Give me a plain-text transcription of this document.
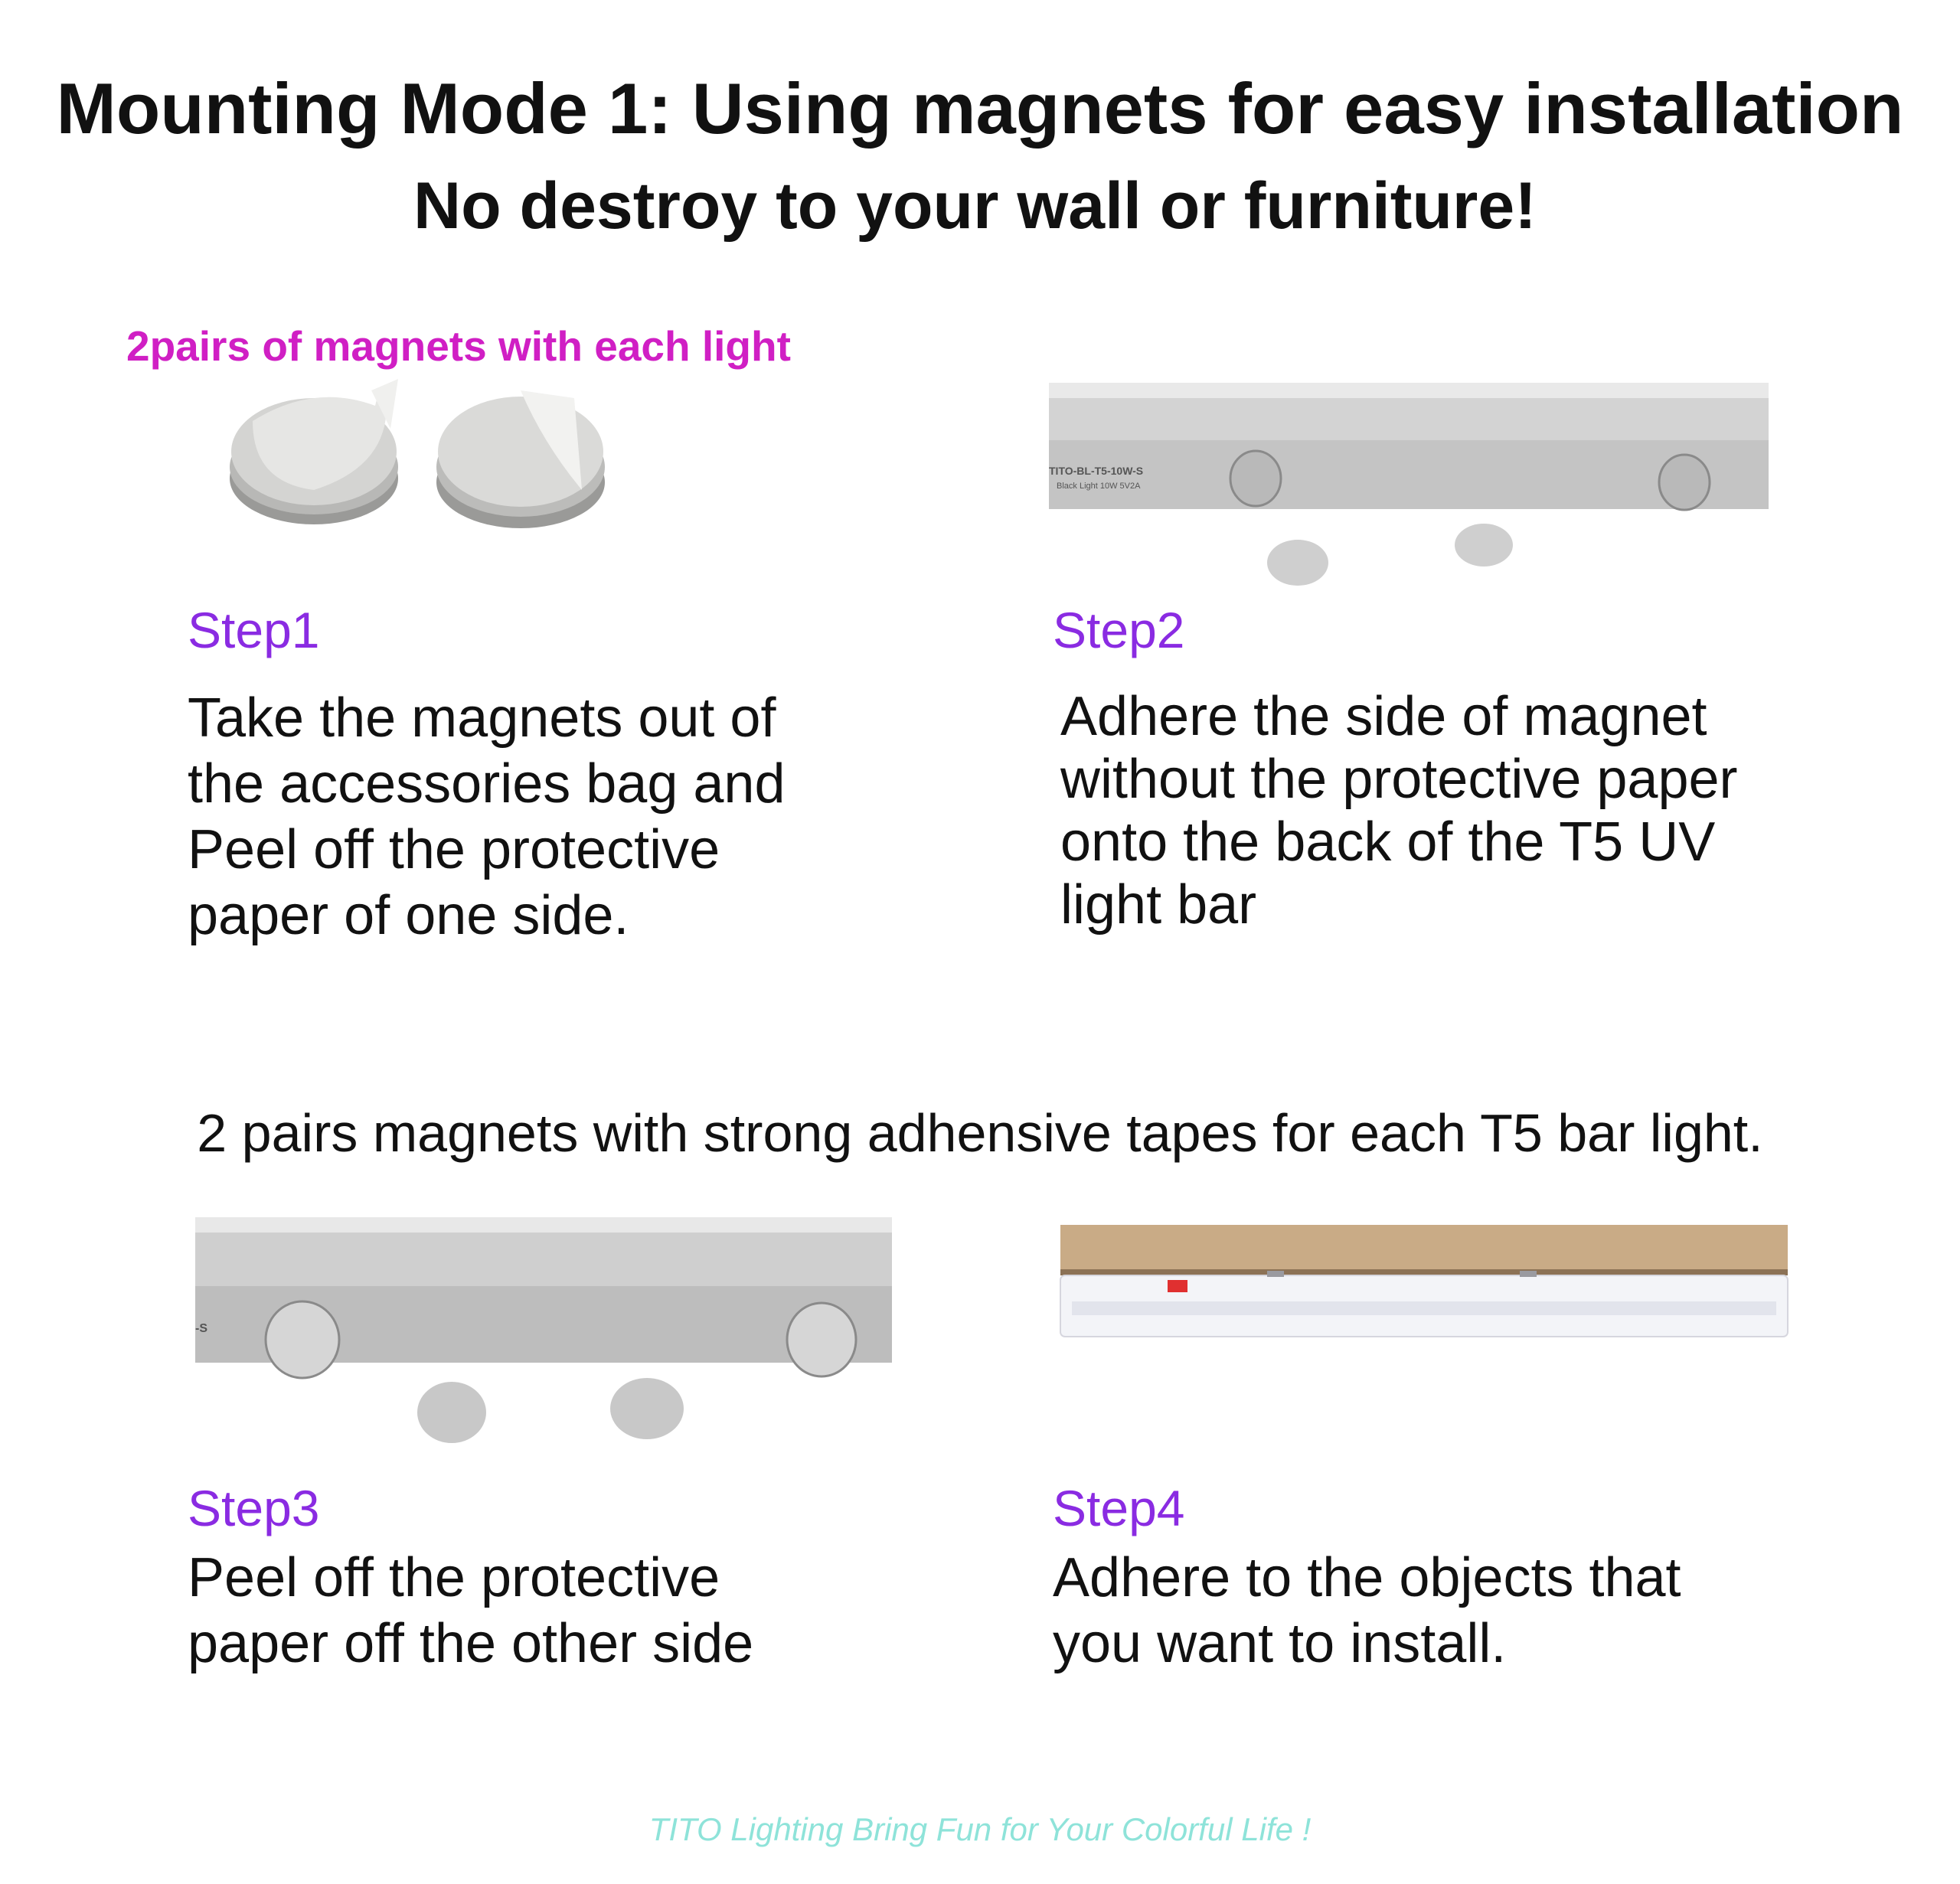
Mounting Mode 1: Using magnets for easy installation
No destroy to your wall or furniture!
2pairs of magnets with each light
TITO-BL-T5-10W-S
Black Light 10W 5V2A
Step1
Take the magnets out of
the accessories bag and
Peel off the protective
paper of one side.
Step2
Adhere the side of magnet
without the protective paper
onto the back of the T5 UV
light bar
2 pairs magnets with strong adhensive tapes for each T5 bar light.
-S
Step3
Peel off the protective
paper off the other side
Step4
Adhere to the objects that
you want to install.
TITO Lighting Bring Fun for Your Colorful Life !
